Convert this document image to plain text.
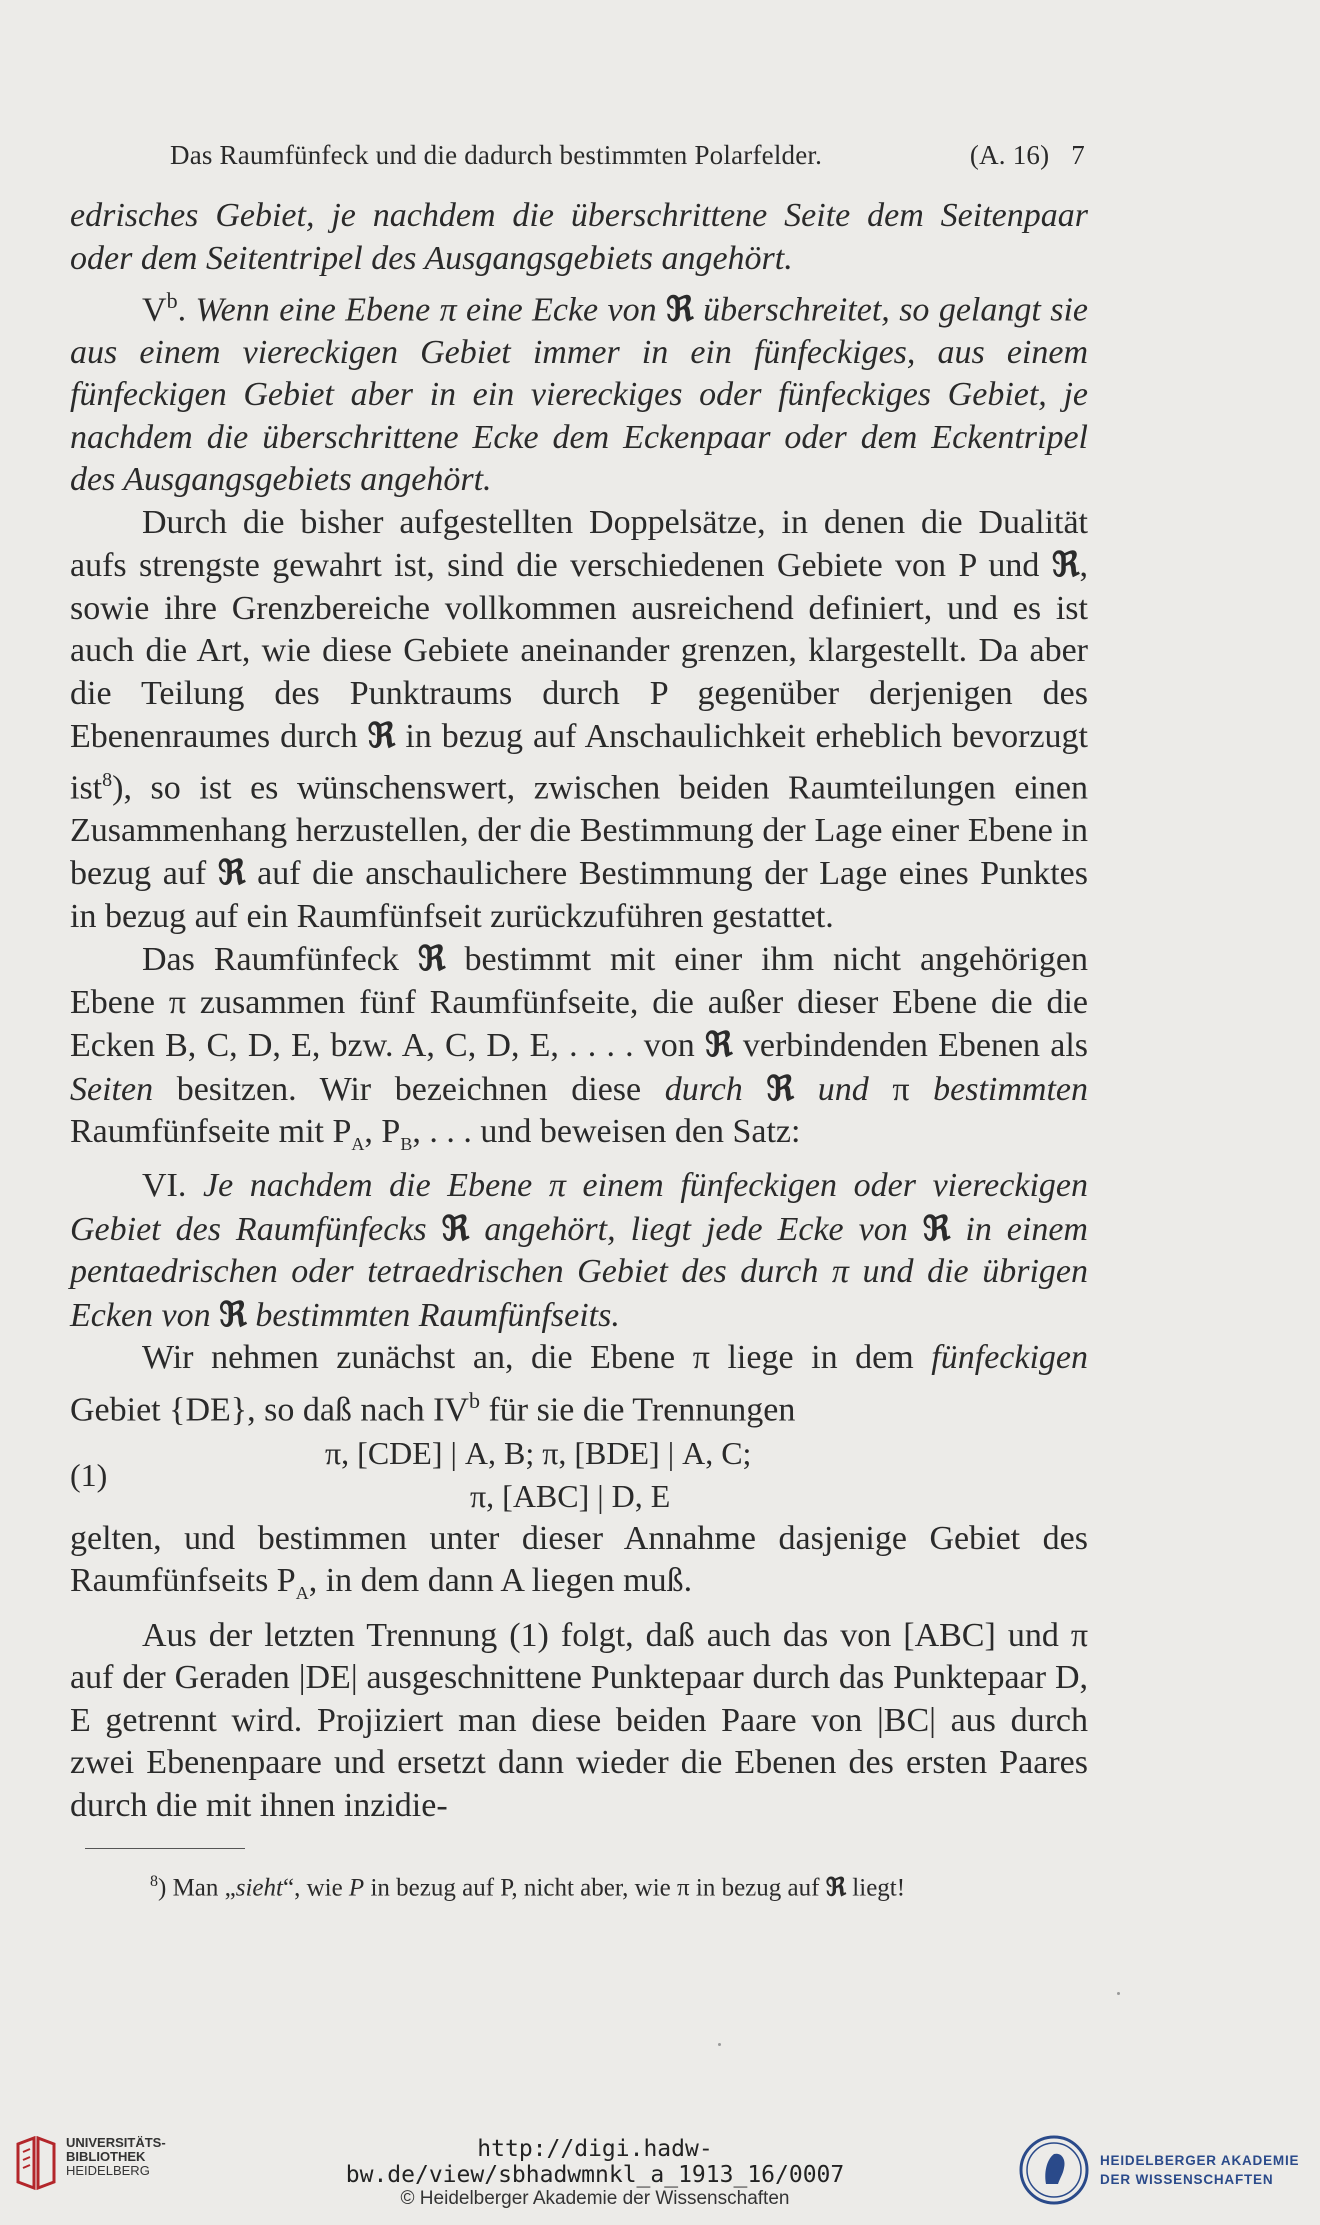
Das Raumfünfeck und die dadurch bestimmten Polarfelder.	(A. 16) 7

edrisches Gebiet, je nachdem die überschrittene Seite dem Seitenpaar oder dem Seitentripel des Ausgangsgebiets angehört.

$V^b$. Wenn eine Ebene π eine Ecke von ℜ überschreitet, so gelangt sie aus einem viereckigen Gebiet immer in ein fünfeckiges, aus einem fünfeckigen Gebiet aber in ein viereckiges oder fünfeckiges Gebiet, je nachdem die überschrittene Ecke dem Eckenpaar oder dem Eckentripel des Ausgangsgebiets angehört.

Durch die bisher aufgestellten Doppelsätze, in denen die Dualität aufs strengste gewahrt ist, sind die verschiedenen Gebiete von P und ℜ, sowie ihre Grenzbereiche vollkommen ausreichend definiert, und es ist auch die Art, wie diese Gebiete aneinander grenzen, klargestellt. Da aber die Teilung des Punktraums durch P gegenüber derjenigen des Ebenenraumes durch ℜ in bezug auf Anschaulichkeit erheblich bevorzugt ist$^8$), so ist es wünschenswert, zwischen beiden Raumteilungen einen Zusammenhang herzustellen, der die Bestimmung der Lage einer Ebene in bezug auf ℜ auf die anschaulichere Bestimmung der Lage eines Punktes in bezug auf ein Raumfünfseit zurückzuführen gestattet.

Das Raumfünfeck ℜ bestimmt mit einer ihm nicht angehörigen Ebene π zusammen fünf Raumfünfseite, die außer dieser Ebene die die Ecken B, C, D, E, bzw. A, C, D, E, . . . . von ℜ verbindenden Ebenen als Seiten besitzen. Wir bezeichnen diese durch ℜ und π bestimmten Raumfünfseite mit $P_A$, $P_B$, . . . und beweisen den Satz:

VI. Je nachdem die Ebene π einem fünfeckigen oder viereckigen Gebiet des Raumfünfecks ℜ angehört, liegt jede Ecke von ℜ in einem pentaedrischen oder tetraedrischen Gebiet des durch π und die übrigen Ecken von ℜ bestimmten Raumfünfseits.

Wir nehmen zunächst an, die Ebene π liege in dem fünfeckigen Gebiet {DE}, so daß nach $IV^b$ für sie die Trennungen

(1)
π, [CDE] | A, B; π, [BDE] | A, C;
π, [ABC] | D, E

gelten, und bestimmen unter dieser Annahme dasjenige Gebiet des Raumfünfseits $P_A$, in dem dann A liegen muß.

Aus der letzten Trennung (1) folgt, daß auch das von [ABC] und π auf der Geraden |DE| ausgeschnittene Punktepaar durch das Punktepaar D, E getrennt wird. Projiziert man diese beiden Paare von |BC| aus durch zwei Ebenenpaare und ersetzt dann wieder die Ebenen des ersten Paares durch die mit ihnen inzidie-

$^8$) Man „sieht“, wie P in bezug auf P, nicht aber, wie π in bezug auf ℜ liegt!
UNIVERSITÄTS-
BIBLIOTHEK
HEIDELBERG
http://digi.hadw-bw.de/view/sbhadwmnkl_a_1913_16/0007
© Heidelberger Akademie der Wissenschaften
HEIDELBERGER AKADEMIE
DER WISSENSCHAFTEN
